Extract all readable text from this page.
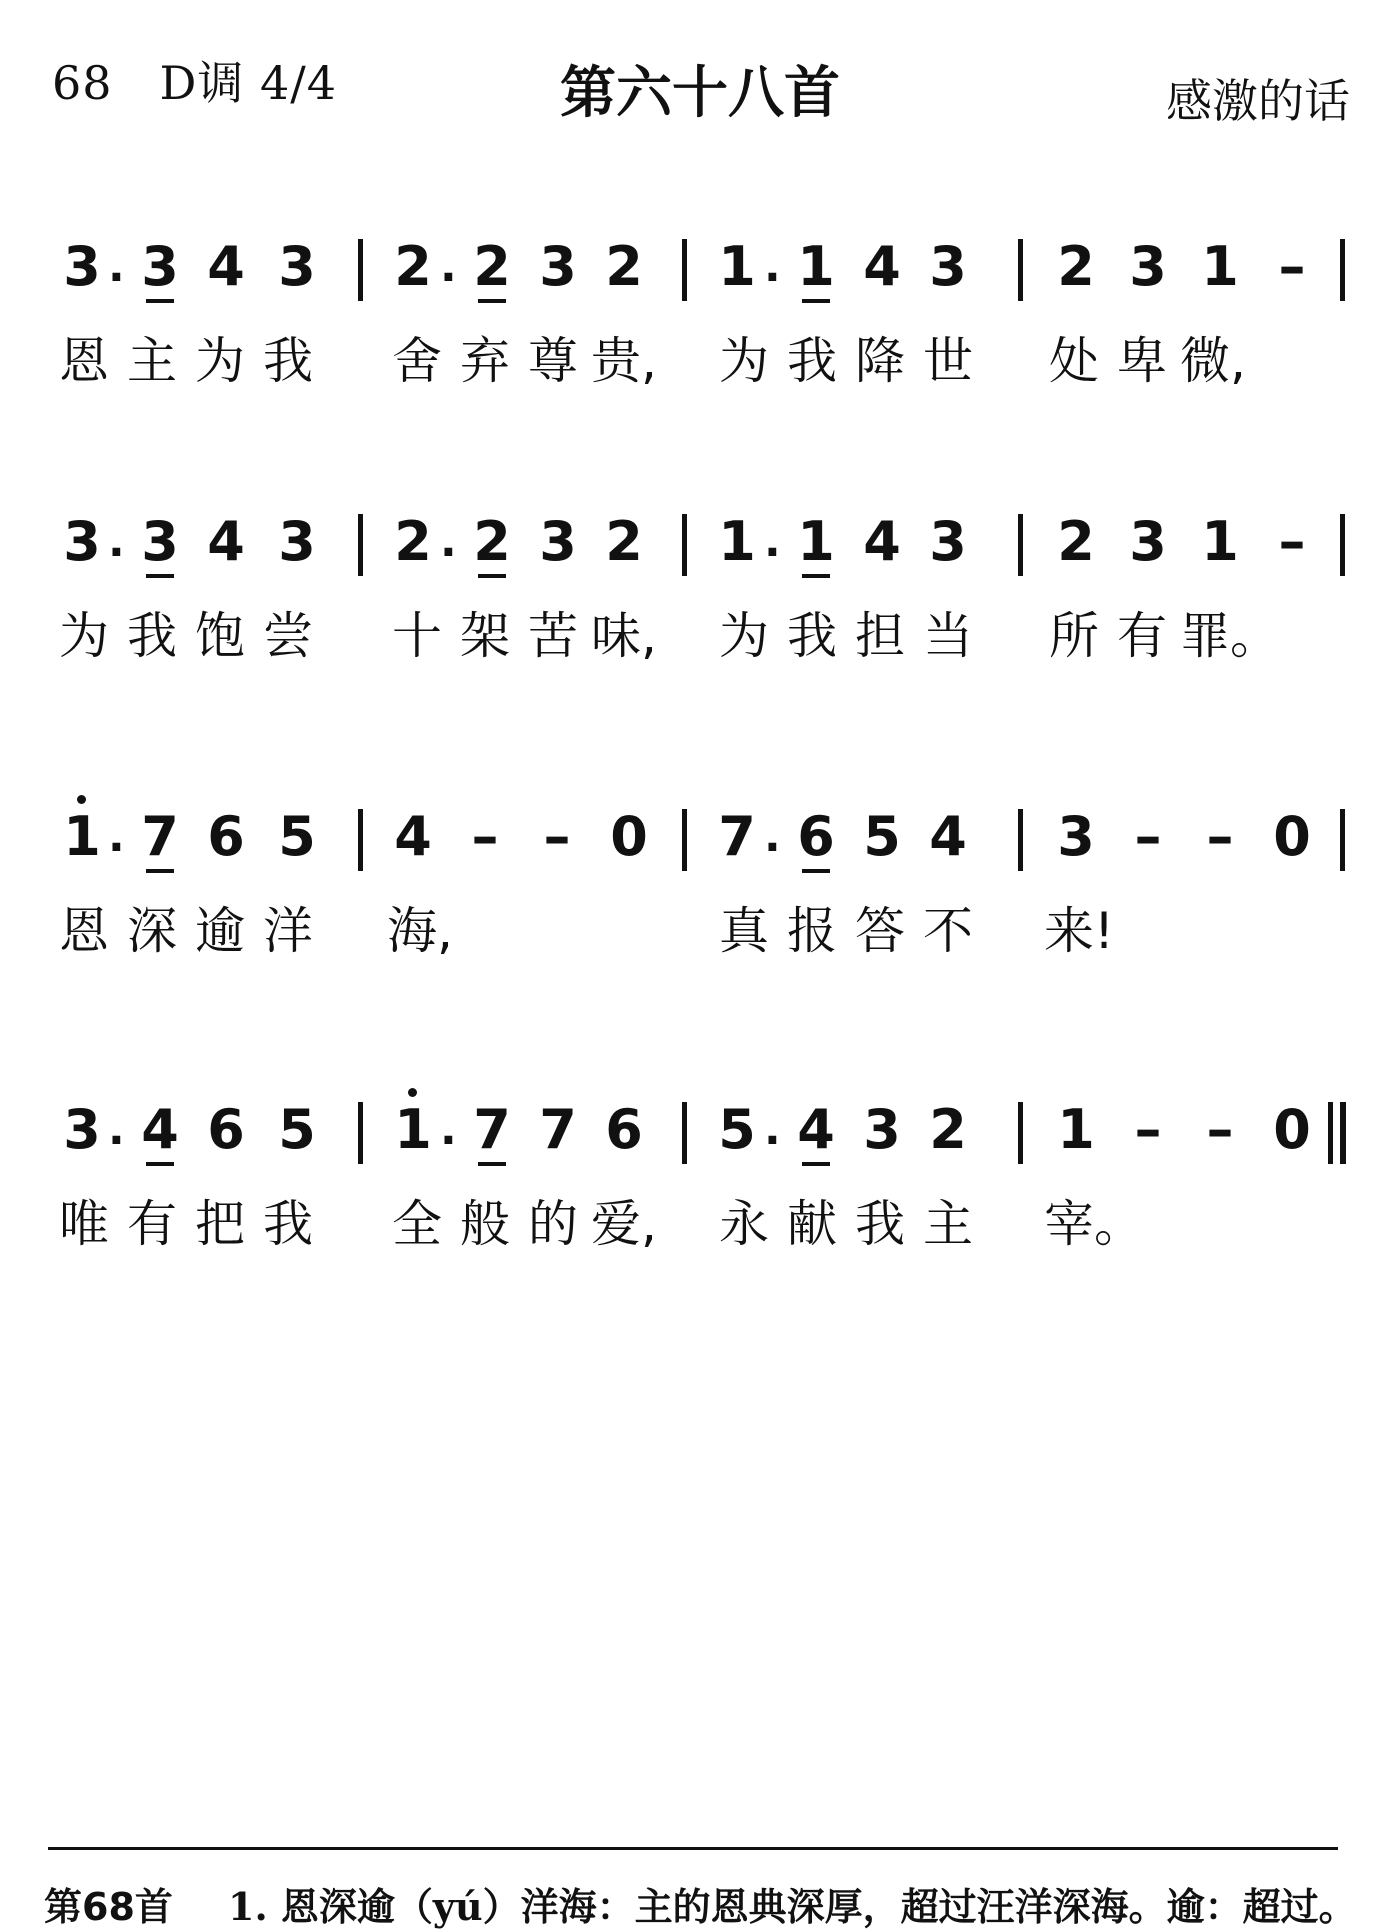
68　D调 4/4	第六十八首	感激的话
3 . 3 4 3 2 . 2 3 2 1 . 1 4 3 2 3 1 –
恩 主 为 我 舍 弃 尊 贵, 为 我 降 世 处 卑 微,
3 . 3 4 3 2 . 2 3 2 1 . 1 4 3 2 3 1 –
为 我 饱 尝 十 架 苦 味, 为 我 担 当 所 有 罪。
1 . 7 6 5 4 – – 0 7 . 6 5 4 3 – – 0
恩 深 逾 洋 海,	真 报 答 不 来!
3 . 4 6 5 1 . 7 7 6 5 . 4 3 2 1 – – 0
唯 有 把 我 全 般 的 爱, 永 献 我 主 宰。
第68首 1. 恩深逾（yú）洋海：主的恩典深厚，超过汪洋深海。逾：超过。
